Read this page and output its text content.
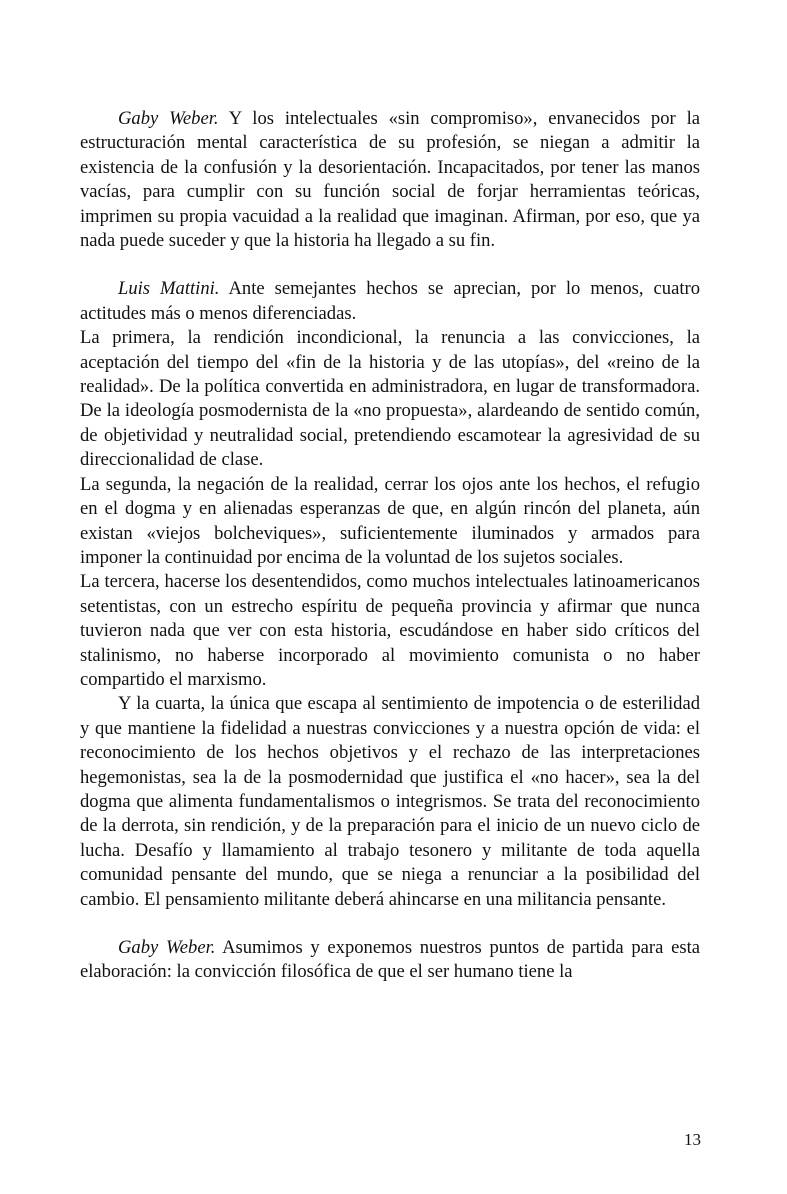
Gaby Weber. Y los intelectuales «sin compromiso», envanecidos por la estructuración mental característica de su profesión, se niegan a admitir la existencia de la confusión y la desorientación. Incapacitados, por tener las manos vacías, para cumplir con su función social de forjar herramientas teóricas, imprimen su propia vacuidad a la realidad que imaginan. Afirman, por eso, que ya nada puede suceder y que la historia ha llegado a su fin.

Luis Mattini. Ante semejantes hechos se aprecian, por lo menos, cuatro actitudes más o menos diferenciadas.

La primera, la rendición incondicional, la renuncia a las convicciones, la aceptación del tiempo del «fin de la historia y de las utopías», del «reino de la realidad». De la política convertida en administradora, en lugar de transformadora. De la ideología posmodernista de la «no propuesta», alardeando de sentido común, de objetividad y neutralidad social, pretendiendo escamotear la agresividad de su direccionalidad de clase.

La segunda, la negación de la realidad, cerrar los ojos ante los hechos, el refugio en el dogma y en alienadas esperanzas de que, en algún rincón del planeta, aún existan «viejos bolcheviques», suficientemente iluminados y armados para imponer la continuidad por encima de la voluntad de los sujetos sociales.

La tercera, hacerse los desentendidos, como muchos intelectuales latinoamericanos setentistas, con un estrecho espíritu de pequeña provincia y afirmar que nunca tuvieron nada que ver con esta historia, escudándose en haber sido críticos del stalinismo, no haberse incorporado al movimiento comunista o no haber compartido el marxismo.

Y la cuarta, la única que escapa al sentimiento de impotencia o de esterilidad y que mantiene la fidelidad a nuestras convicciones y a nuestra opción de vida: el reconocimiento de los hechos objetivos y el rechazo de las interpretaciones hegemonistas, sea la de la posmodernidad que justifica el «no hacer», sea la del dogma que alimenta fundamentalismos o integrismos. Se trata del reconocimiento de la derrota, sin rendición, y de la preparación para el inicio de un nuevo ciclo de lucha. Desafío y llamamiento al trabajo tesonero y militante de toda aquella comunidad pensante del mundo, que se niega a renunciar a la posibilidad del cambio. El pensamiento militante deberá ahincarse en una militancia pensante.

Gaby Weber. Asumimos y exponemos nuestros puntos de partida para esta elaboración: la convicción filosófica de que el ser humano tiene la

13
